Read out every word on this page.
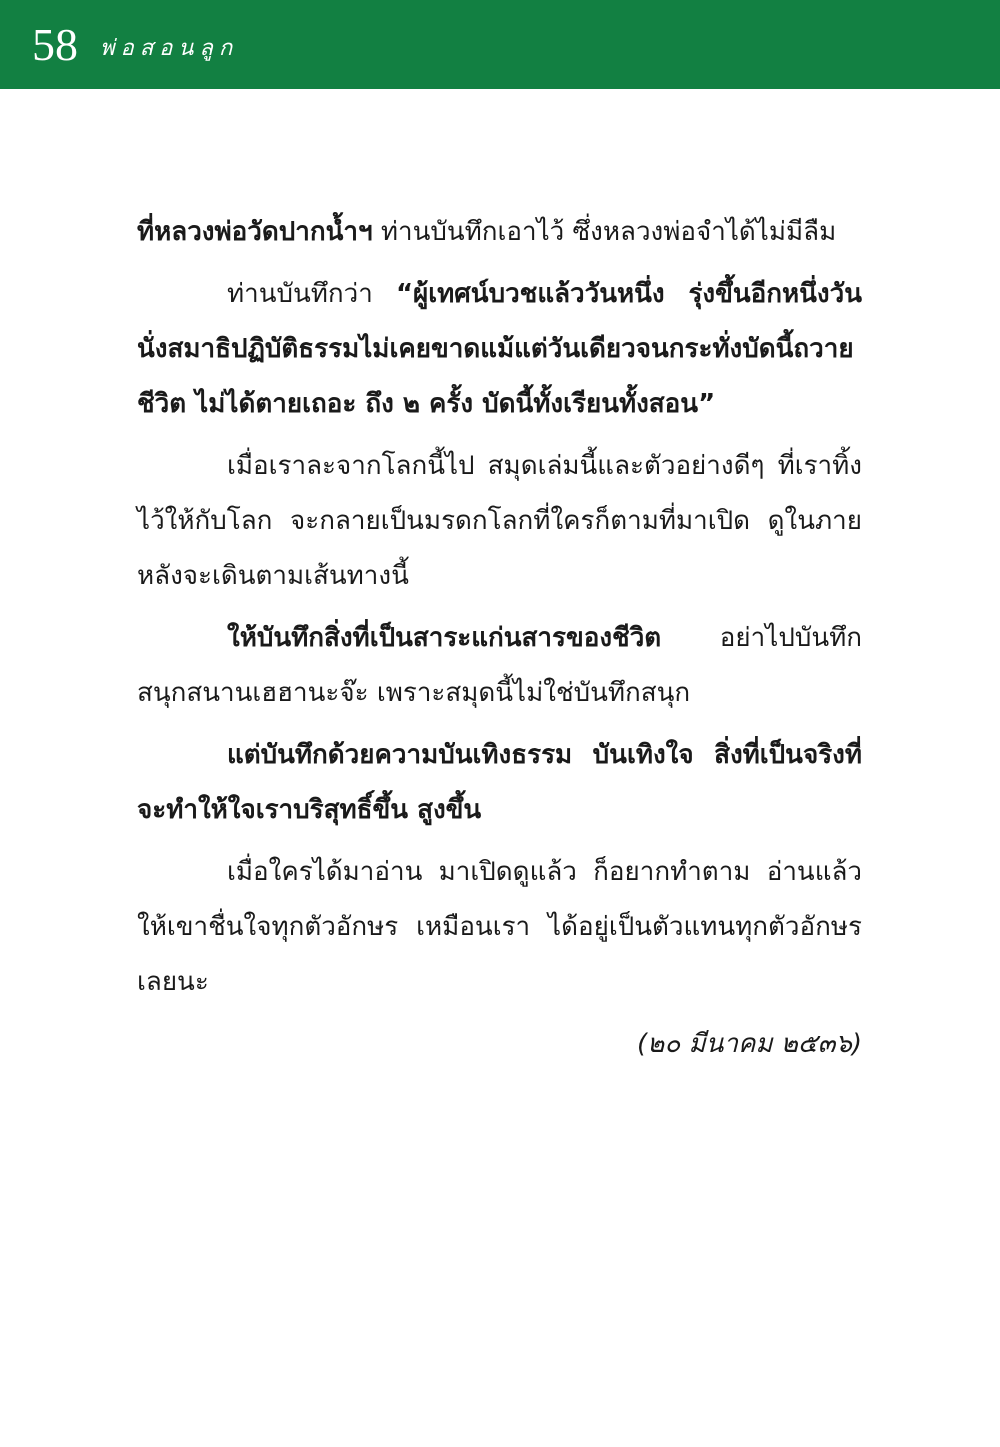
58 พ่อสอนลูก

ที่หลวงพ่อวัดปากน้ำฯ ท่านบันทึกเอาไว้ ซึ่งหลวงพ่อจำได้ไม่มีลืม

ท่านบันทึกว่า “ผู้เทศน์บวชแล้ววันหนึ่ง รุ่งขึ้นอีกหนึ่งวันนั่งสมาธิปฏิบัติธรรมไม่เคยขาดแม้แต่วันเดียวจนกระทั่งบัดนี้ถวายชีวิต ไม่ได้ตายเถอะ ถึง ๒ ครั้ง บัดนี้ทั้งเรียนทั้งสอน”

เมื่อเราละจากโลกนี้ไป สมุดเล่มนี้และตัวอย่างดีๆ ที่เราทิ้งไว้ให้กับโลก จะกลายเป็นมรดกโลกที่ใครก็ตามที่มาเปิด ดูในภายหลังจะเดินตามเส้นทางนี้

ให้บันทึกสิ่งที่เป็นสาระแก่นสารของชีวิต อย่าไปบันทึกสนุกสนานเฮฮานะจ๊ะ เพราะสมุดนี้ไม่ใช่บันทึกสนุก

แต่บันทึกด้วยความบันเทิงธรรม บันเทิงใจ สิ่งที่เป็นจริงที่จะทำให้ใจเราบริสุทธิ์ขึ้น สูงขึ้น

เมื่อใครได้มาอ่าน มาเปิดดูแล้ว ก็อยากทำตาม อ่านแล้วให้เขาชื่นใจทุกตัวอักษร เหมือนเรา ได้อยู่เป็นตัวแทนทุกตัวอักษรเลยนะ

(๒๐ มีนาคม ๒๕๓๖)
